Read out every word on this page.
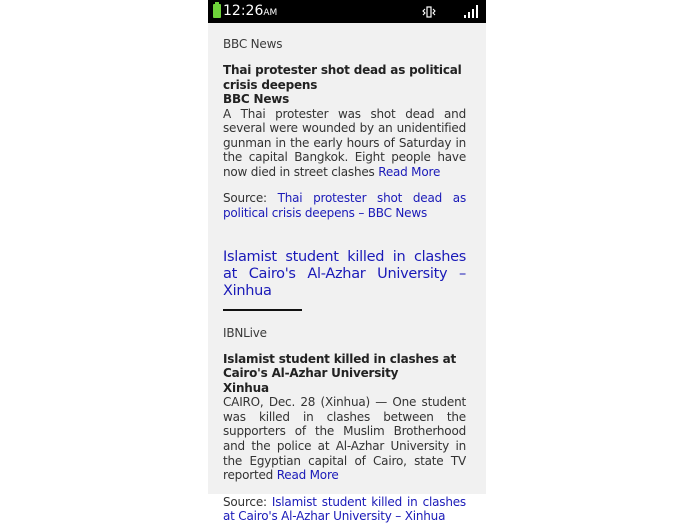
12:26AM
BBC News
Thai protester shot dead as political crisis deepens
BBC News
A Thai protester was shot dead and several were wounded by an unidentified gunman in the early hours of Saturday in the capital Bangkok. Eight people have now died in street clashes Read More
Source: Thai protester shot dead as political crisis deepens – BBC News
Islamist student killed in clashes at Cairo's Al-Azhar University – Xinhua
IBNLive
Islamist student killed in clashes at Cairo's Al-Azhar University
Xinhua
CAIRO, Dec. 28 (Xinhua) — One student was killed in clashes between the supporters of the Muslim Brotherhood and the police at Al-Azhar University in the Egyptian capital of Cairo, state TV reported Read More
Source: Islamist student killed in clashes at Cairo's Al-Azhar University – Xinhua
